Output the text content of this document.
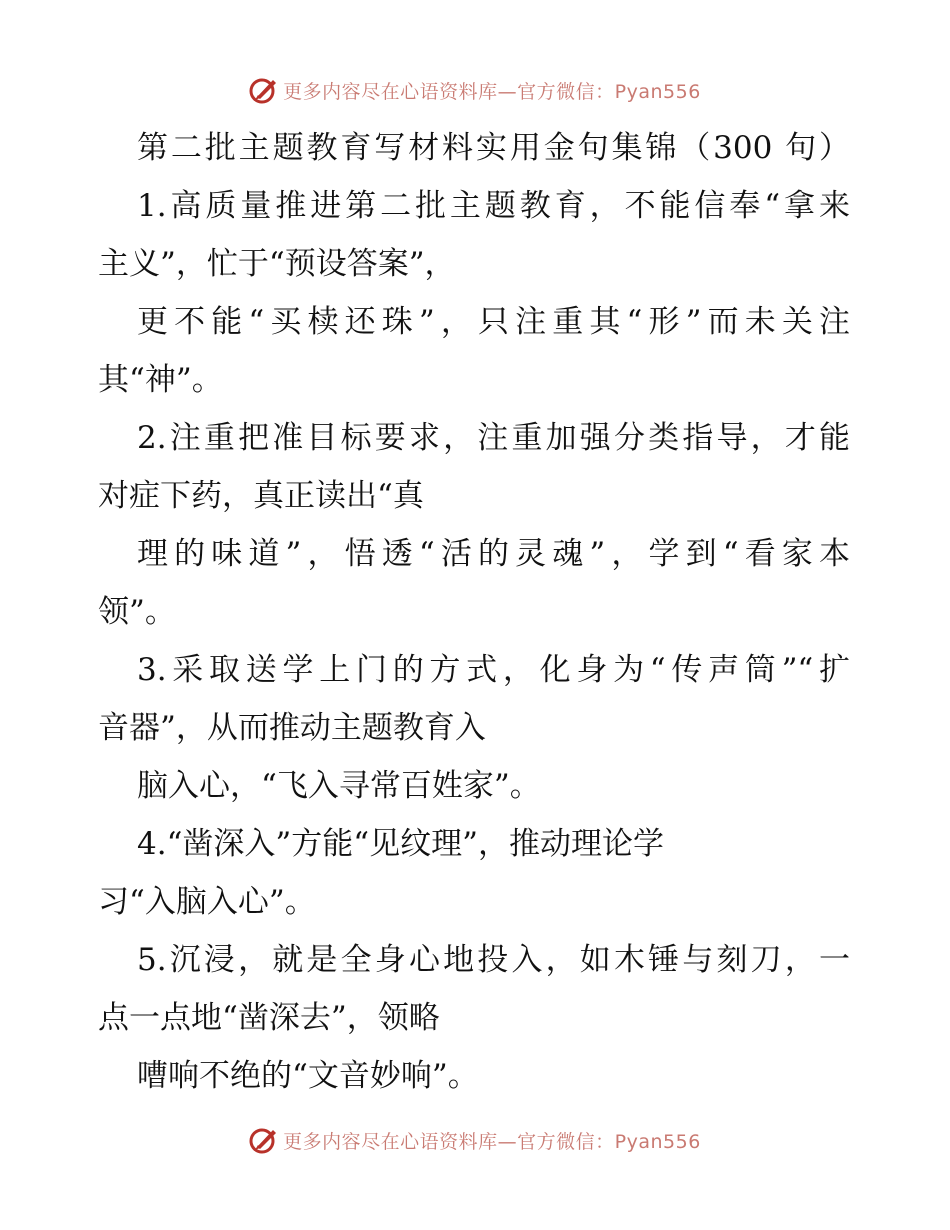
更多内容尽在心语资料库—官方微信：Pyan556
第二批主题教育写材料实用金句集锦（300 句）
1.高质量推进第二批主题教育，不能信奉“拿来
主义”，忙于“预设答案”，
更不能“买椟还珠”，只注重其“形”而未关注
其“神”。
2.注重把准目标要求，注重加强分类指导，才能
对症下药，真正读出“真
理的味道”，悟透“活的灵魂”，学到“看家本
领”。
3.采取送学上门的方式，化身为“传声筒”“扩
音器”，从而推动主题教育入
脑入心，“飞入寻常百姓家”。
4.“凿深入”方能“见纹理”，推动理论学
习“入脑入心”。
5.沉浸，就是全身心地投入，如木锤与刻刀，一
点一点地“凿深去”，领略
嘈响不绝的“文音妙响”。
更多内容尽在心语资料库—官方微信：Pyan556
